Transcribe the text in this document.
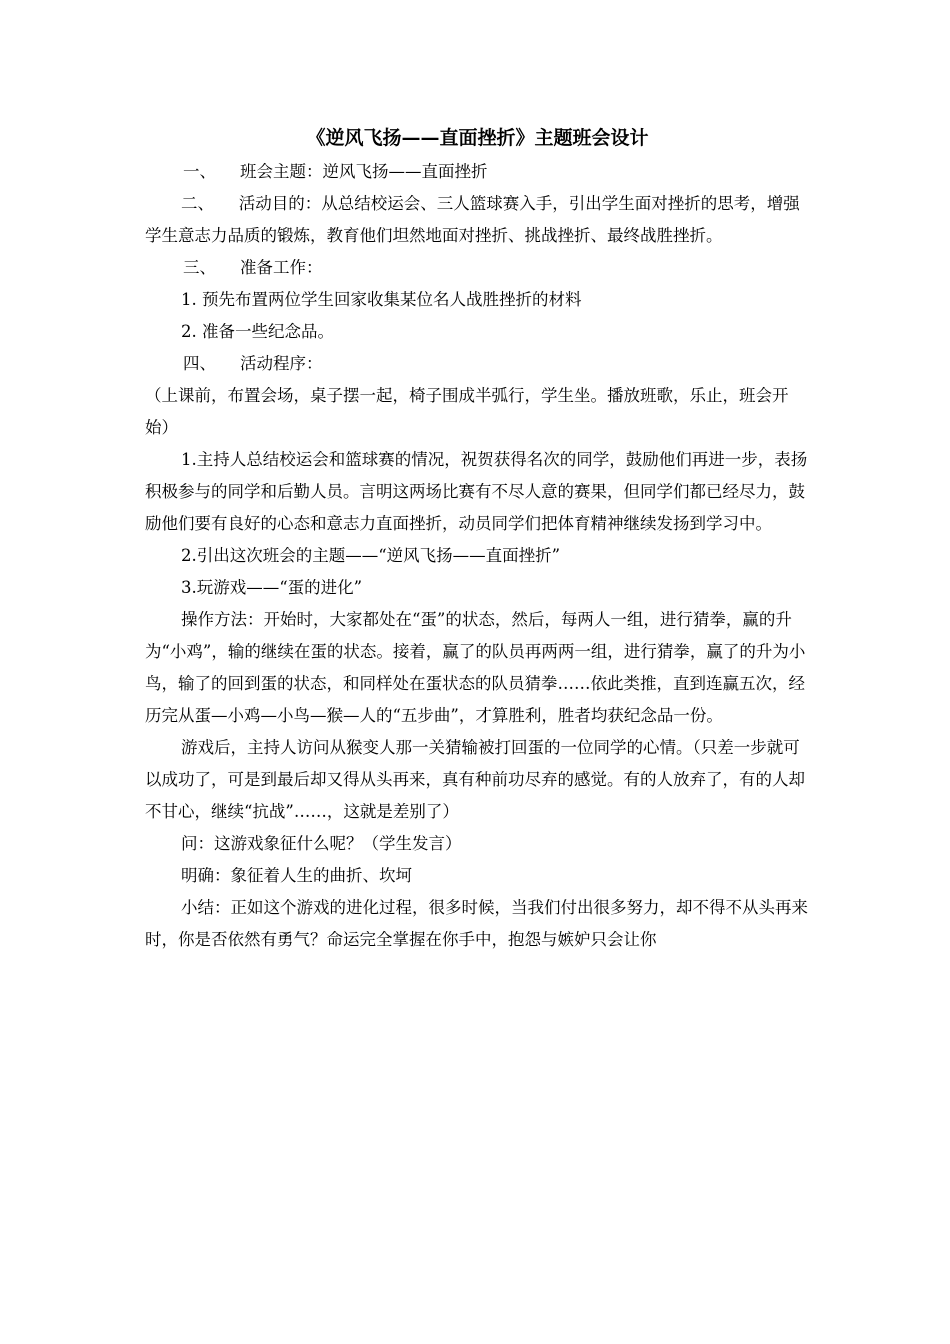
《逆风飞扬——直面挫折》主题班会设计
一、 班会主题：逆风飞扬——直面挫折

二、   活动目的：从总结校运会、三人篮球赛入手，引出学生面对挫折的思考，增强学生意志力品质的锻炼，教育他们坦然地面对挫折、挑战挫折、最终战胜挫折。

三、 准备工作：

1. 预先布置两位学生回家收集某位名人战胜挫折的材料

2. 准备一些纪念品。

四、 活动程序：

（上课前，布置会场，桌子摆一起，椅子围成半弧行，学生坐。播放班歌，乐止，班会开始）

1.主持人总结校运会和篮球赛的情况，祝贺获得名次的同学，鼓励他们再进一步，表扬积极参与的同学和后勤人员。言明这两场比赛有不尽人意的赛果，但同学们都已经尽力，鼓励他们要有良好的心态和意志力直面挫折，动员同学们把体育精神继续发扬到学习中。

2.引出这次班会的主题——“逆风飞扬——直面挫折”

3.玩游戏——“蛋的进化”

操作方法：开始时，大家都处在“蛋”的状态，然后，每两人一组，进行猜拳，赢的升为“小鸡”，输的继续在蛋的状态。接着，赢了的队员再两两一组，进行猜拳，赢了的升为小鸟，输了的回到蛋的状态，和同样处在蛋状态的队员猜拳……依此类推，直到连赢五次，经历完从蛋—小鸡—小鸟—猴—人的“五步曲”，才算胜利，胜者均获纪念品一份。

游戏后，主持人访问从猴变人那一关猜输被打回蛋的一位同学的心情。（只差一步就可以成功了，可是到最后却又得从头再来，真有种前功尽弃的感觉。有的人放弃了，有的人却不甘心，继续“抗战”……，这就是差别了）

问：这游戏象征什么呢？（学生发言）

明确：象征着人生的曲折、坎坷

小结：正如这个游戏的进化过程，很多时候，当我们付出很多努力，却不得不从头再来时，你是否依然有勇气？命运完全掌握在你手中，抱怨与嫉妒只会让你
